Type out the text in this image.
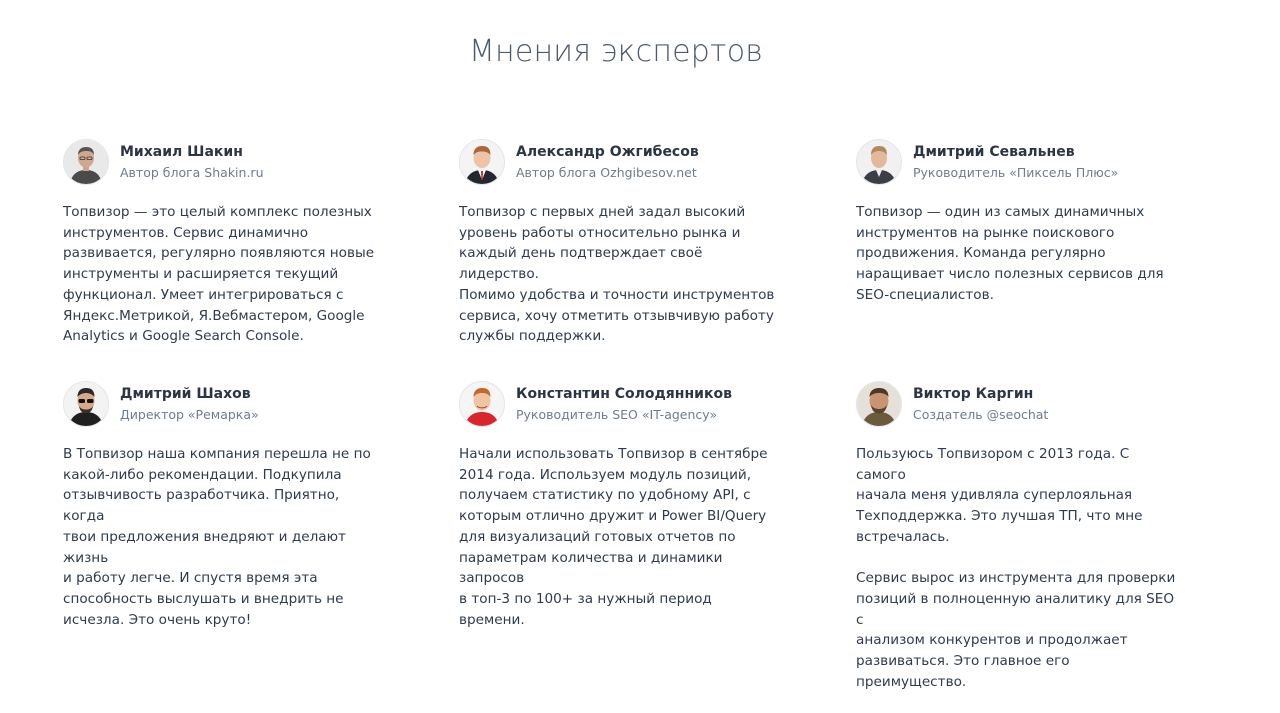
Мнения экспертов
Михаил Шакин
Автор блога Shakin.ru

Топвизор — это целый комплекс полезных
инструментов. Сервис динамично
развивается, регулярно появляются новые
инструменты и расширяется текущий
функционал. Умеет интегрироваться с
Яндекс.Метрикой, Я.Вебмастером, Google
Analytics и Google Search Console.

Александр Ожгибесов
Автор блога Ozhgibesov.net

Топвизор с первых дней задал высокий
уровень работы относительно рынка и
каждый день подтверждает своё лидерство.
Помимо удобства и точности инструментов
сервиса, хочу отметить отзывчивую работу
службы поддержки.

Дмитрий Севальнев
Руководитель «Пиксель Плюс»

Топвизор — один из самых динамичных
инструментов на рынке поискового
продвижения. Команда регулярно
наращивает число полезных сервисов для
SEO-специалистов.

Дмитрий Шахов
Директор «Ремарка»

В Топвизор наша компания перешла не по
какой-либо рекомендации. Подкупила
отзывчивость разработчика. Приятно, когда
твои предложения внедряют и делают жизнь
и работу легче. И спустя время эта
способность выслушать и внедрить не
исчезла. Это очень круто!

Константин Солодянников
Руководитель SEO «IT-agency»

Начали использовать Топвизор в сентябре
2014 года. Используем модуль позиций,
получаем статистику по удобному API, с
которым отлично дружит и Power BI/Query
для визуализаций готовых отчетов по
параметрам количества и динамики запросов
в топ-3 по 100+ за нужный период времени.

Виктор Каргин
Создатель @seochat

Пользуюсь Топвизором с 2013 года. С самого
начала меня удивляла суперлояльная
Техподдержка. Это лучшая ТП, что мне
встречалась.

Сервис вырос из инструмента для проверки
позиций в полноценную аналитику для SEO с
анализом конкурентов и продолжает
развиваться. Это главное его преимущество.
